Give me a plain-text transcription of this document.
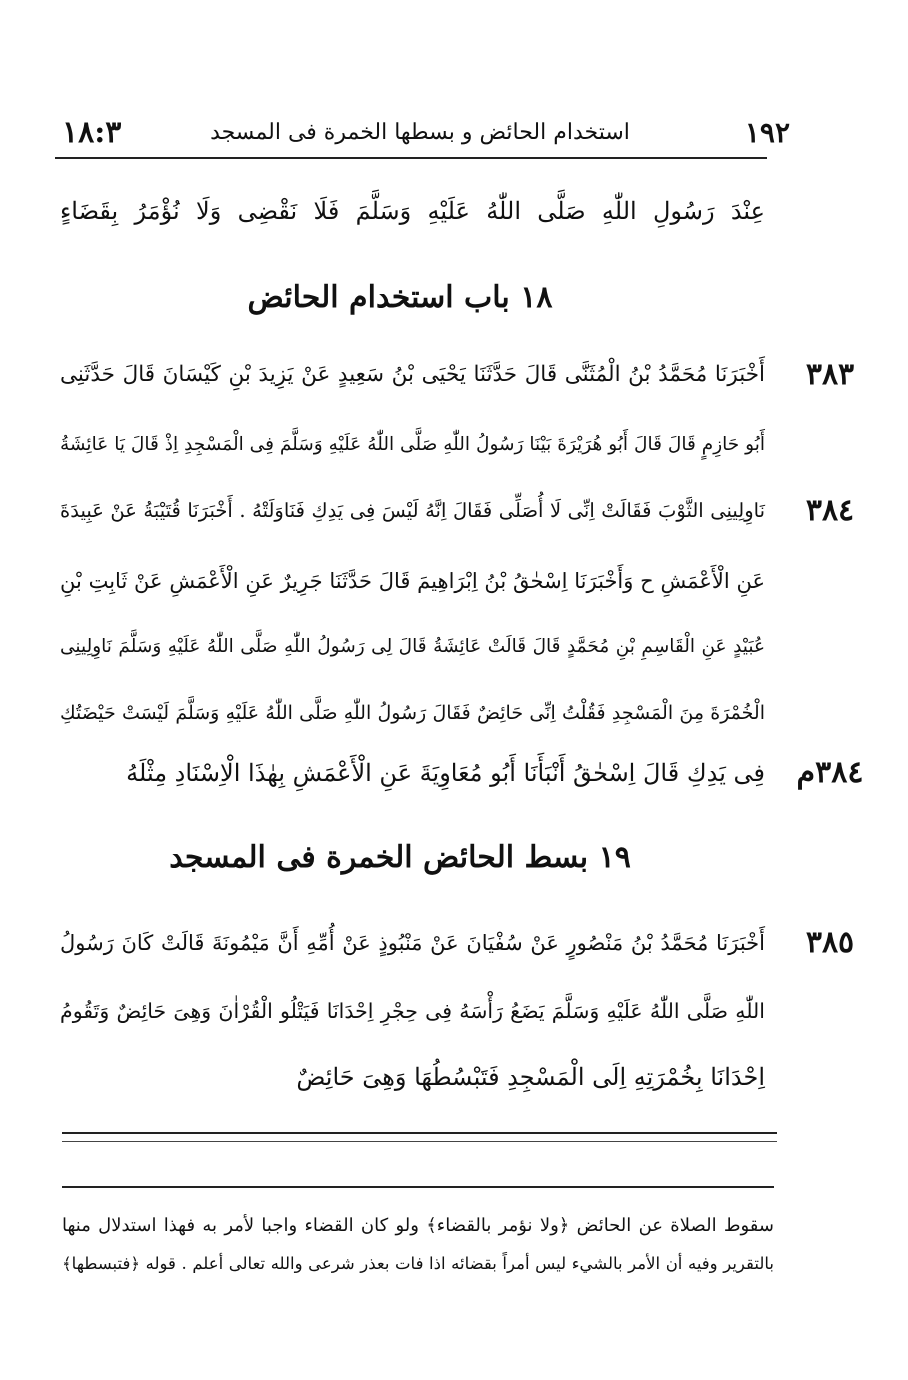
١٩٢
استخدام الحائض و بسطها الخمرة فى المسجد
١٨:٣
عِنْدَ رَسُولِ اللّٰهِ صَلَّى اللّٰهُ عَلَيْهِ وَسَلَّمَ فَلَا نَقْضِى وَلَا نُؤْمَرُ بِقَضَاءٍ
١٨ باب استخدام الحائض
٣٨٣
أَخْبَرَنَا مُحَمَّدُ بْنُ الْمُثَنَّى قَالَ حَدَّثَنَا يَحْيَى بْنُ سَعِيدٍ عَنْ يَزِيدَ بْنِ كَيْسَانَ قَالَ حَدَّثَنِى
أَبُو حَازِمٍ قَالَ قَالَ أَبُو هُرَيْرَةَ بَيْنَا رَسُولُ اللّٰهِ صَلَّى اللّٰهُ عَلَيْهِ وَسَلَّمَ فِى الْمَسْجِدِ اِذْ قَالَ يَا عَائِشَةُ
٣٨٤
نَاوِلِينِى الثَّوْبَ فَقَالَتْ اِنِّى لَا أُصَلِّى فَقَالَ اِنَّهُ لَيْسَ فِى يَدِكِ فَنَاوَلَتْهُ . أَخْبَرَنَا قُتَيْبَةُ عَنْ عَبِيدَةَ
عَنِ الْأَعْمَشِ ح وَأَخْبَرَنَا اِسْحٰقُ بْنُ اِبْرَاهِيمَ قَالَ حَدَّثَنَا جَرِيرٌ عَنِ الْأَعْمَشِ عَنْ ثَابِتِ بْنِ
عُبَيْدٍ عَنِ الْقَاسِمِ بْنِ مُحَمَّدٍ قَالَ قَالَتْ عَائِشَةُ قَالَ لِى رَسُولُ اللّٰهِ صَلَّى اللّٰهُ عَلَيْهِ وَسَلَّمَ نَاوِلِينِى
الْخُمْرَةَ مِنَ الْمَسْجِدِ فَقُلْتُ اِنِّى حَائِضٌ فَقَالَ رَسُولُ اللّٰهِ صَلَّى اللّٰهُ عَلَيْهِ وَسَلَّمَ لَيْسَتْ حَيْضَتُكِ
٣٨٤م
فِى يَدِكِ قَالَ اِسْحٰقُ أَنْبَأَنَا أَبُو مُعَاوِيَةَ عَنِ الْأَعْمَشِ بِهٰذَا الْاِسْنَادِ مِثْلَهُ
١٩ بسط الحائض الخمرة فى المسجد
٣٨٥
أَخْبَرَنَا مُحَمَّدُ بْنُ مَنْصُورٍ عَنْ سُفْيَانَ عَنْ مَنْبُوذٍ عَنْ أُمِّهِ أَنَّ مَيْمُونَةَ قَالَتْ كَانَ رَسُولُ
اللّٰهِ صَلَّى اللّٰهُ عَلَيْهِ وَسَلَّمَ يَضَعُ رَأْسَهُ فِى حِجْرِ اِحْدَانَا فَيَتْلُو الْقُرْاٰنَ وَهِىَ حَائِضٌ وَتَقُومُ
اِحْدَانَا بِخُمْرَتِهِ اِلَى الْمَسْجِدِ فَتَبْسُطُهَا وَهِىَ حَائِضٌ
سقوط الصلاة عن الحائض ﴿ولا نؤمر بالقضاء﴾ ولو كان القضاء واجبا لأمر به فهذا استدلال منها
بالتقرير وفيه أن الأمر بالشيء ليس أمراً بقضائه اذا فات بعذر شرعى والله تعالى أعلم . قوله ﴿فتبسطها﴾
